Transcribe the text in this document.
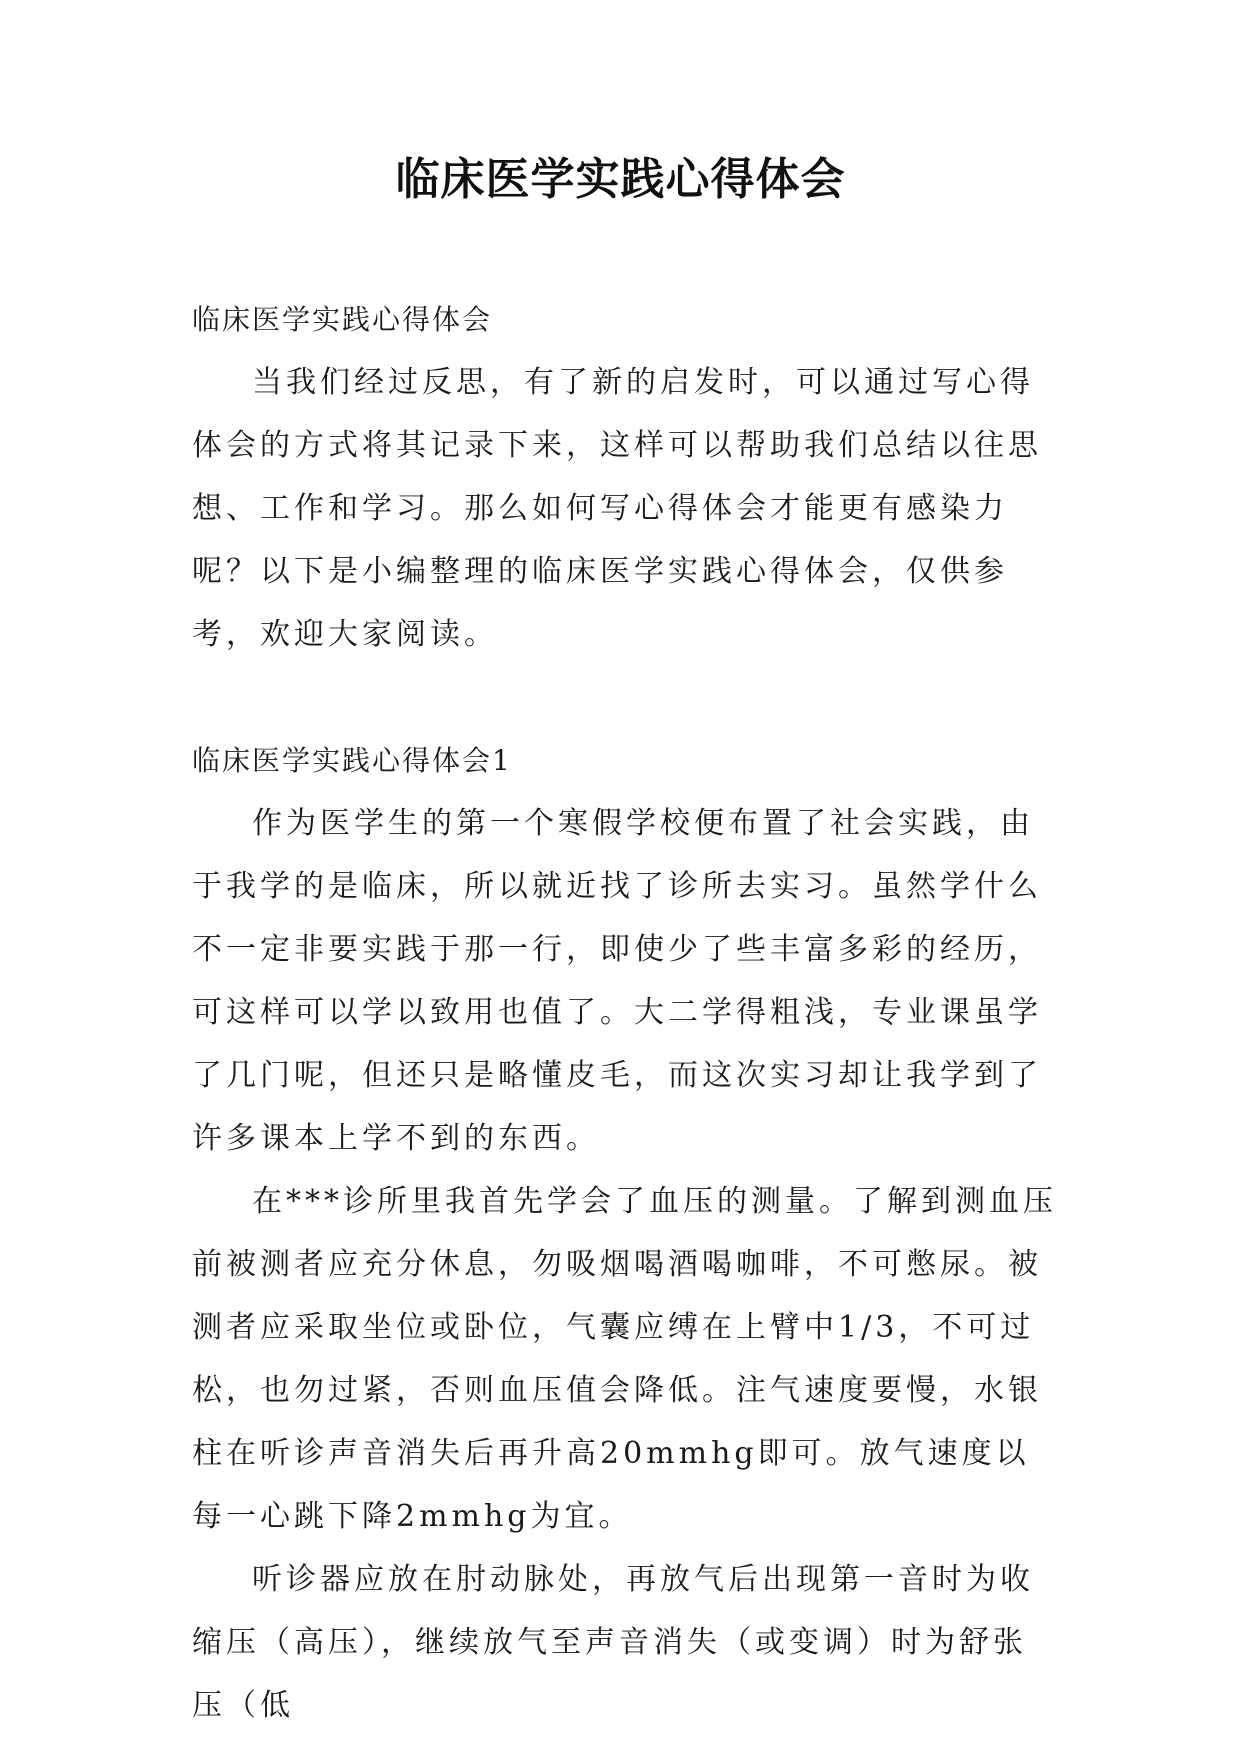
临床医学实践心得体会

临床医学实践心得体会

当我们经过反思，有了新的启发时，可以通过写心得体会的方式将其记录下来，这样可以帮助我们总结以往思想、工作和学习。那么如何写心得体会才能更有感染力呢？以下是小编整理的临床医学实践心得体会，仅供参考，欢迎大家阅读。

临床医学实践心得体会1

作为医学生的第一个寒假学校便布置了社会实践，由于我学的是临床，所以就近找了诊所去实习。虽然学什么不一定非要实践于那一行，即使少了些丰富多彩的经历，可这样可以学以致用也值了。大二学得粗浅，专业课虽学了几门呢，但还只是略懂皮毛，而这次实习却让我学到了许多课本上学不到的东西。

在***诊所里我首先学会了血压的测量。了解到测血压前被测者应充分休息，勿吸烟喝酒喝咖啡，不可憋尿。被测者应采取坐位或卧位，气囊应缚在上臂中1/3，不可过松，也勿过紧，否则血压值会降低。注气速度要慢，水银柱在听诊声音消失后再升高20mmhg即可。放气速度以每一心跳下降2mmhg为宜。

听诊器应放在肘动脉处，再放气后出现第一音时为收缩压（高压），继续放气至声音消失（或变调）时为舒张压（低
